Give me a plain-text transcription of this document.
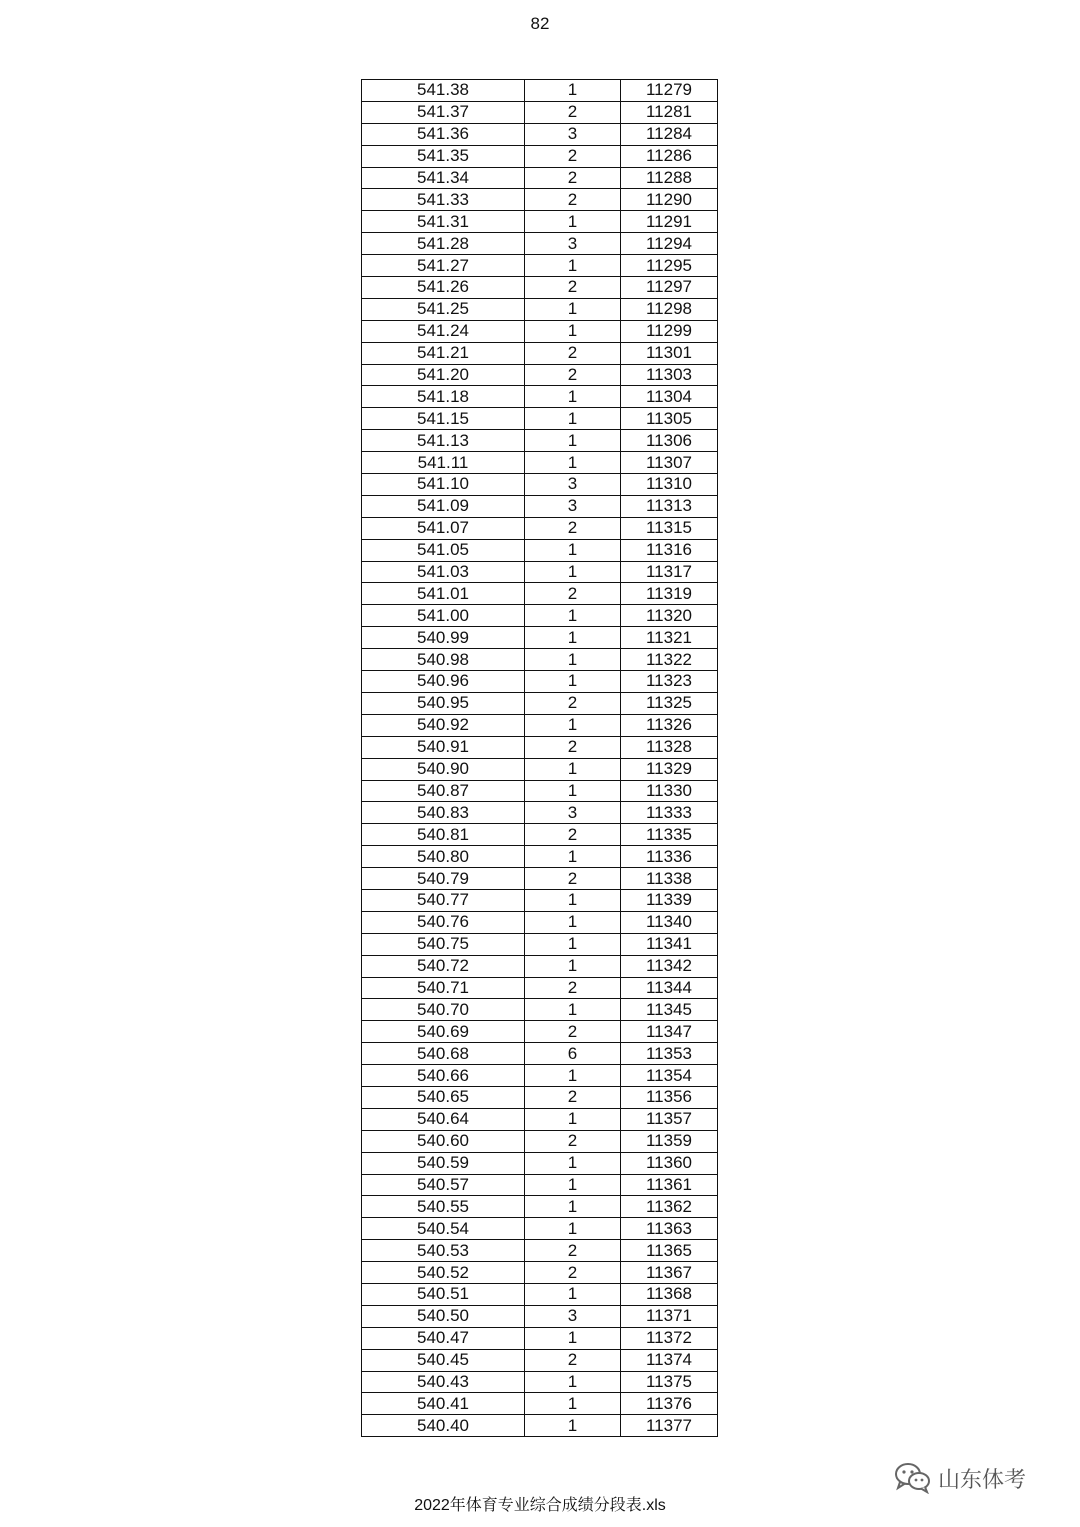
82
541.38	1	11279
541.37	2	11281
541.36	3	11284
541.35	2	11286
541.34	2	11288
541.33	2	11290
541.31	1	11291
541.28	3	11294
541.27	1	11295
541.26	2	11297
541.25	1	11298
541.24	1	11299
541.21	2	11301
541.20	2	11303
541.18	1	11304
541.15	1	11305
541.13	1	11306
541.11	1	11307
541.10	3	11310
541.09	3	11313
541.07	2	11315
541.05	1	11316
541.03	1	11317
541.01	2	11319
541.00	1	11320
540.99	1	11321
540.98	1	11322
540.96	1	11323
540.95	2	11325
540.92	1	11326
540.91	2	11328
540.90	1	11329
540.87	1	11330
540.83	3	11333
540.81	2	11335
540.80	1	11336
540.79	2	11338
540.77	1	11339
540.76	1	11340
540.75	1	11341
540.72	1	11342
540.71	2	11344
540.70	1	11345
540.69	2	11347
540.68	6	11353
540.66	1	11354
540.65	2	11356
540.64	1	11357
540.60	2	11359
540.59	1	11360
540.57	1	11361
540.55	1	11362
540.54	1	11363
540.53	2	11365
540.52	2	11367
540.51	1	11368
540.50	3	11371
540.47	1	11372
540.45	2	11374
540.43	1	11375
540.41	1	11376
540.40	1	11377
2022年体育专业综合成绩分段表.xls
山东体考
